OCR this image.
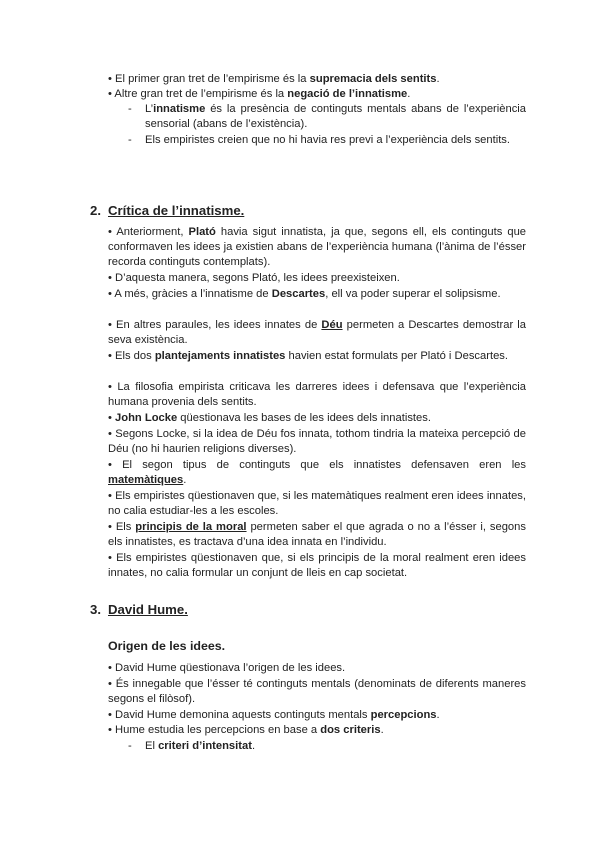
• El primer gran tret de l’empirisme és la supremacia dels sentits.
• Altre gran tret de l’empirisme és la negació de l’innatisme.
- L’innatisme és la presència de continguts mentals abans de l’experiència sensorial (abans de l’existència).
- Els empiristes creien que no hi havia res previ a l’experiència dels sentits.
2. Crítica de l’innatisme.
• Anteriorment, Plató havia sigut innatista, ja que, segons ell, els continguts que conformaven les idees ja existien abans de l’experiència humana (l’ànima de l’ésser recorda continguts contemplats).
• D’aquesta manera, segons Plató, les idees preexisteixen.
• A més, gràcies a l’innatisme de Descartes, ell va poder superar el solipsisme.
• En altres paraules, les idees innates de Déu permeten a Descartes demostrar la seva existència.
• Els dos plantejaments innatistes havien estat formulats per Plató i Descartes.
• La filosofia empirista criticava les darreres idees i defensava que l’experiència humana provenia dels sentits.
• John Locke qüestionava les bases de les idees dels innatistes.
• Segons Locke, si la idea de Déu fos innata, tothom tindria la mateixa percepció de Déu (no hi haurien religions diverses).
• El segon tipus de continguts que els innatistes defensaven eren les matemàtiques.
• Els empiristes qüestionaven que, si les matemàtiques realment eren idees innates, no calia estudiar-les a les escoles.
• Els principis de la moral permeten saber el que agrada o no a l’ésser i, segons els innatistes, es tractava d’una idea innata en l’individu.
• Els empiristes qüestionaven que, si els principis de la moral realment eren idees innates, no calia formular un conjunt de lleis en cap societat.
3. David Hume.
Origen de les idees.
• David Hume qüestionava l’origen de les idees.
• És innegable que l’ésser té continguts mentals (denominats de diferents maneres segons el filòsof).
• David Hume demonina aquests continguts mentals percepcions.
• Hume estudia les percepcions en base a dos criteris.
- El criteri d’intensitat.
